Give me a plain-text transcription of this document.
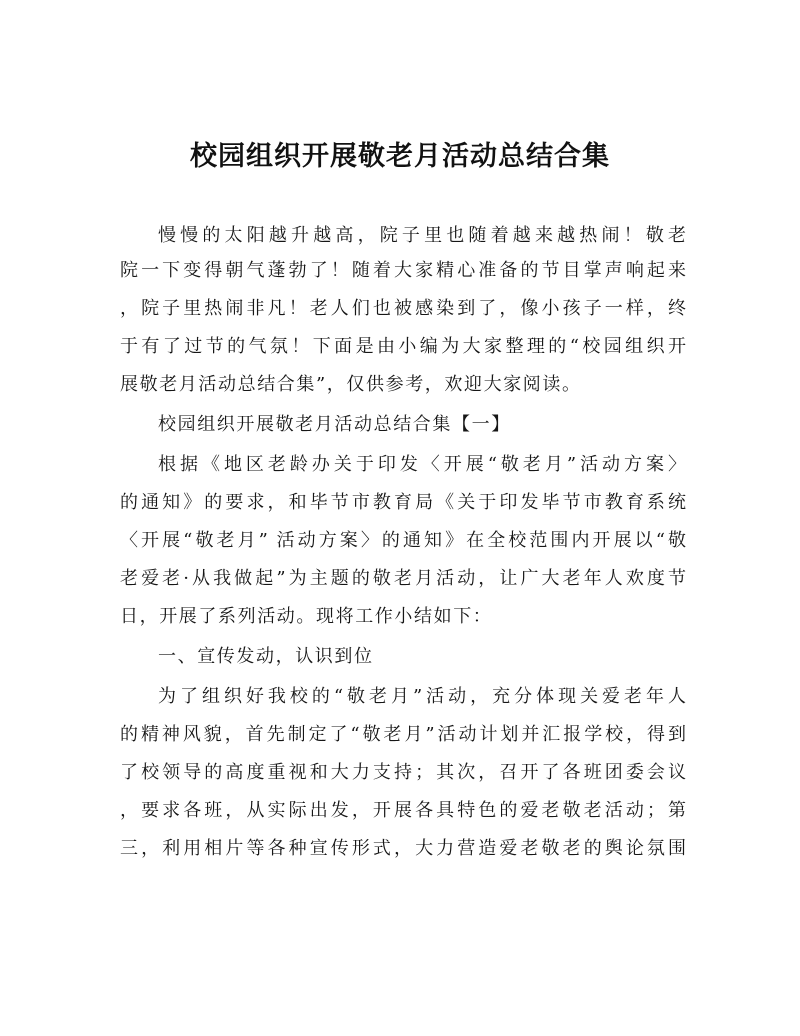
校园组织开展敬老月活动总结合集
慢慢的太阳越升越高，院子里也随着越来越热闹！敬老
院一下变得朝气蓬勃了！随着大家精心准备的节目掌声响起来
，院子里热闹非凡！老人们也被感染到了，像小孩子一样，终
于有了过节的气氛！下面是由小编为大家整理的“校园组织开
展敬老月活动总结合集”，仅供参考，欢迎大家阅读。
校园组织开展敬老月活动总结合集【一】
根据《地区老龄办关于印发〈开展“敬老月”活动方案〉
的通知》的要求，和毕节市教育局《关于印发毕节市教育系统
〈开展“敬老月” 活动方案〉的通知》在全校范围内开展以“敬
老爱老·从我做起”为主题的敬老月活动，让广大老年人欢度节
日，开展了系列活动。现将工作小结如下：
一、宣传发动，认识到位
为了组织好我校的“敬老月”活动，充分体现关爱老年人
的精神风貌，首先制定了“敬老月”活动计划并汇报学校，得到
了校领导的高度重视和大力支持；其次，召开了各班团委会议
，要求各班，从实际出发，开展各具特色的爱老敬老活动；第
三，利用相片等各种宣传形式，大力营造爱老敬老的舆论氛围
